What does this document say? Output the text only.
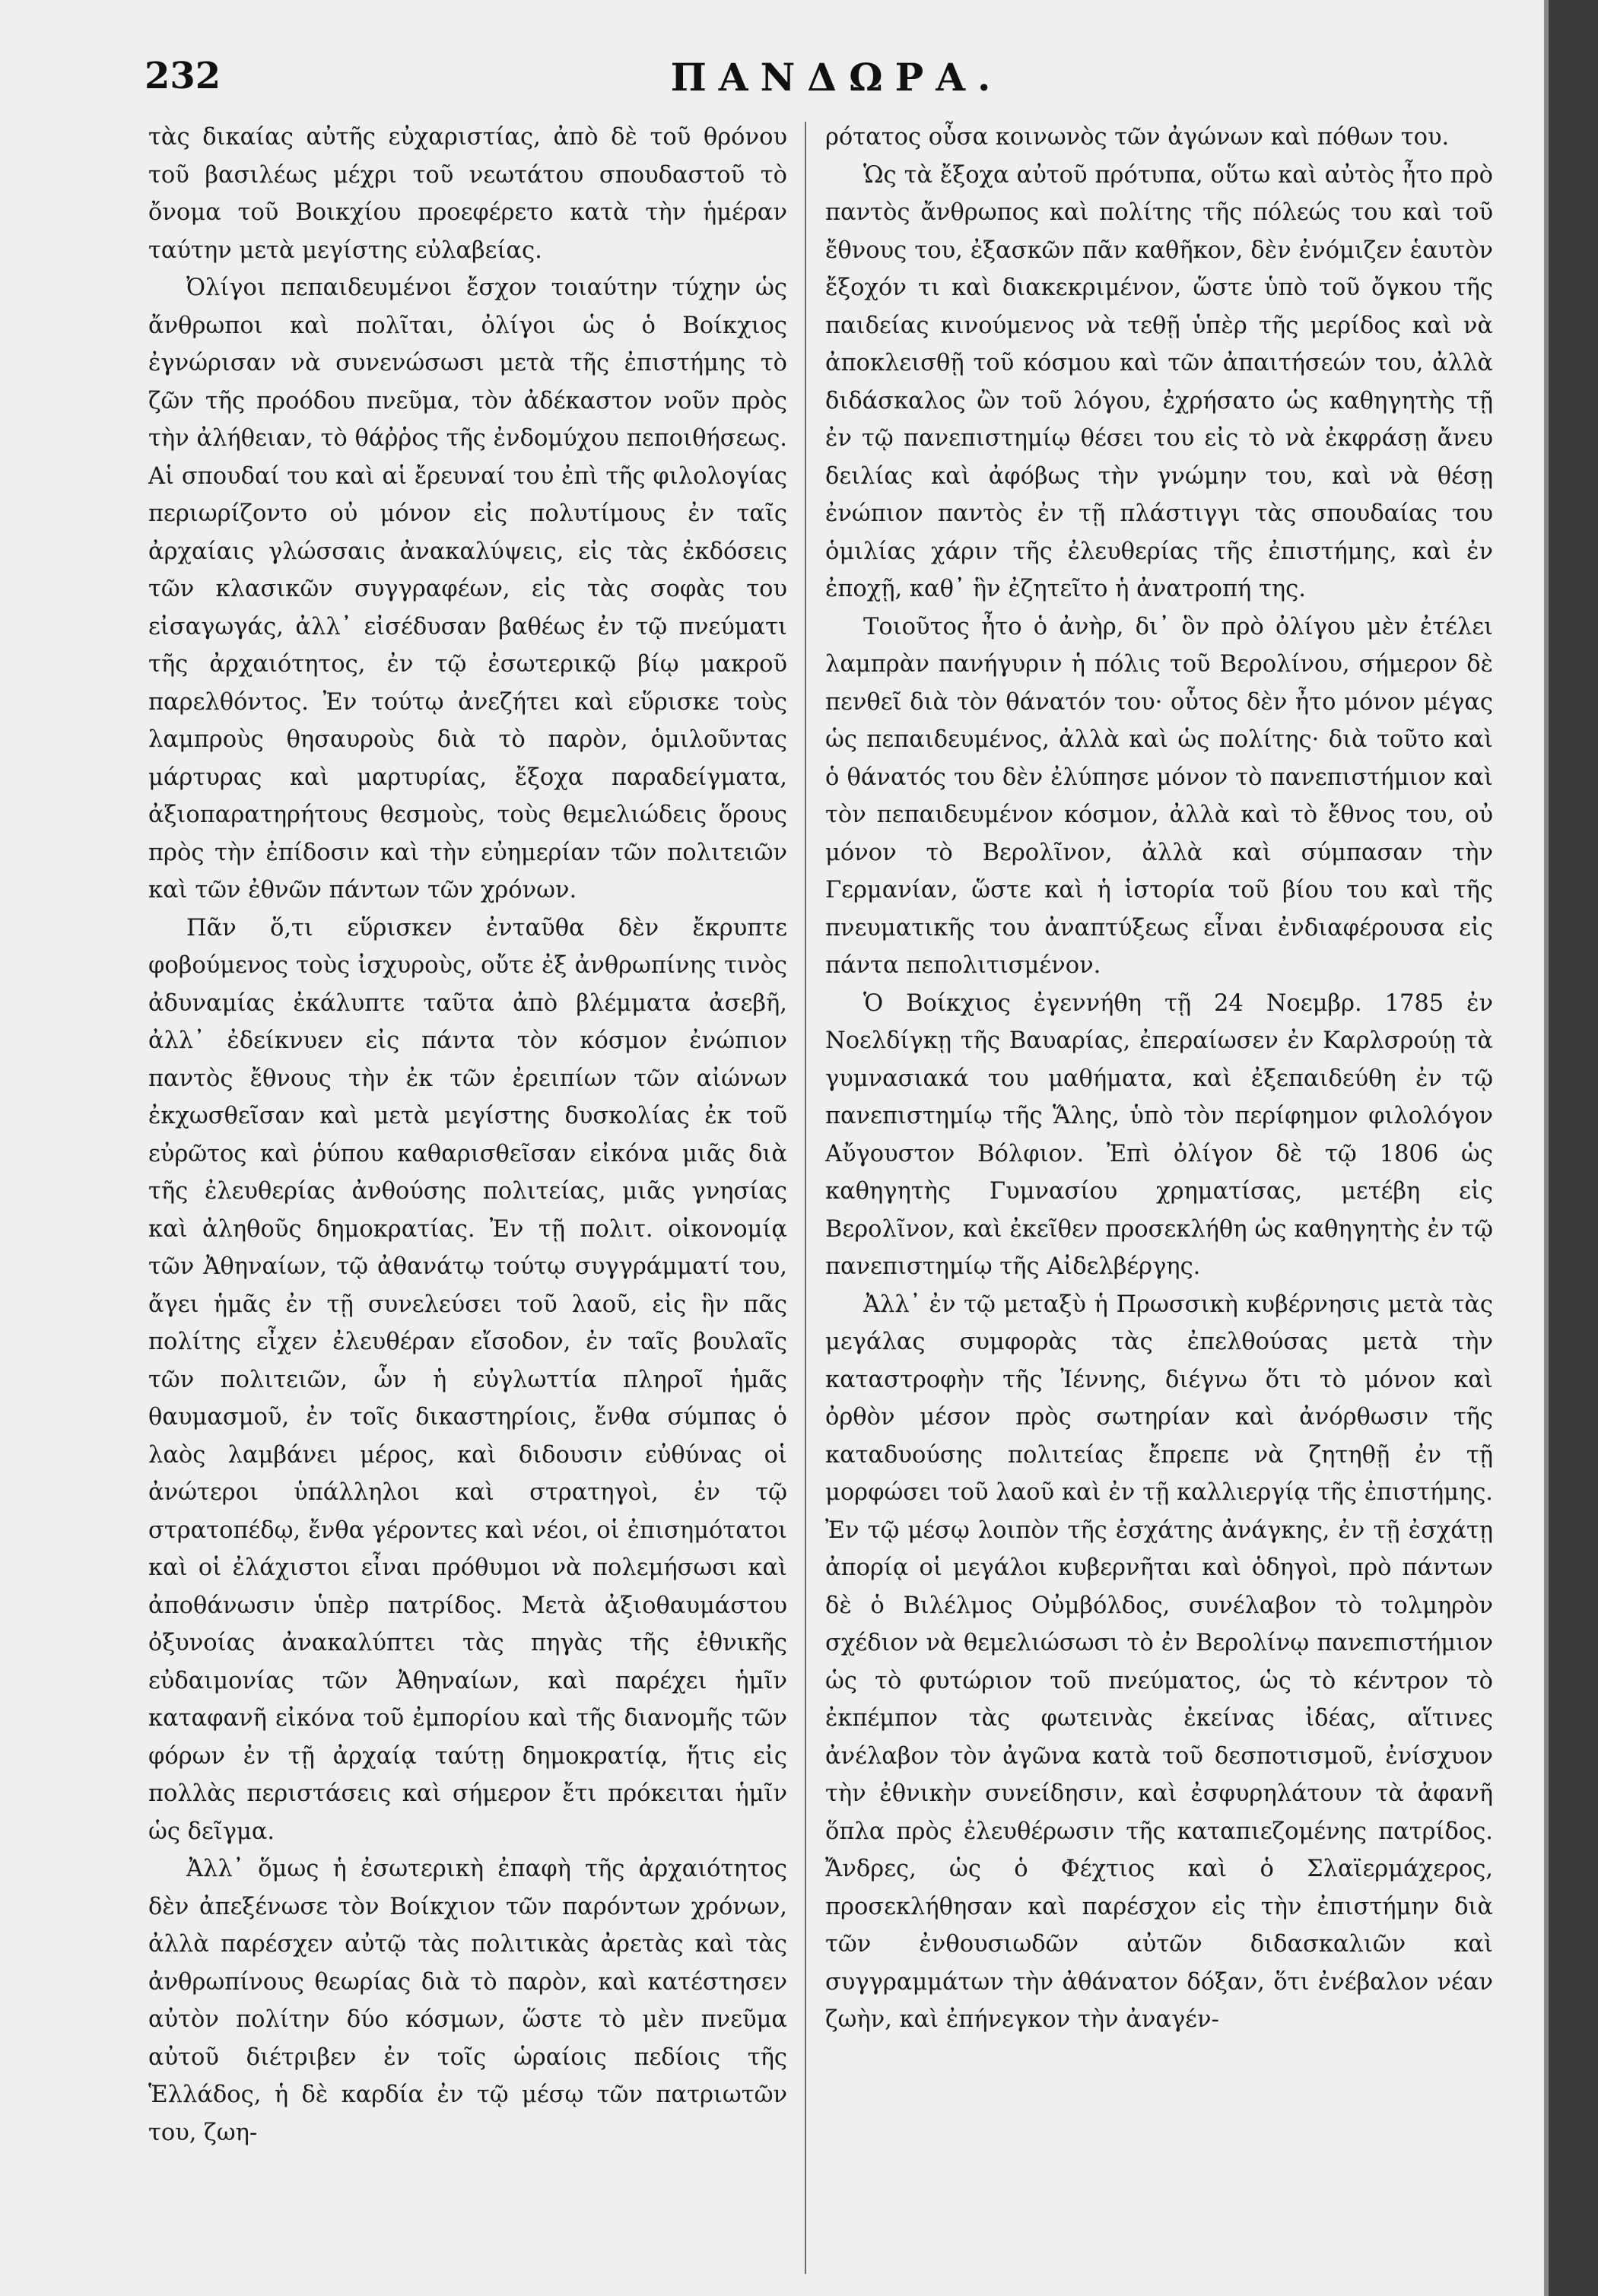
232	ΠΑΝΔΩΡΑ.

τὰς δικαίας αὐτῆς εὐχαριστίας, ἀπὸ δὲ τοῦ θρόνου τοῦ βασιλέως μέχρι τοῦ νεωτάτου σπουδαστοῦ τὸ ὄνομα τοῦ Βοικχίου προεφέρετο κατὰ τὴν ἡμέραν ταύτην μετὰ μεγίστης εὐλαβείας.

Ὀλίγοι πεπαιδευμένοι ἔσχον τοιαύτην τύχην ὡς ἄνθρωποι καὶ πολῖται, ὀλίγοι ὡς ὁ Βοίκχιος ἐγνώρισαν νὰ συνενώσωσι μετὰ τῆς ἐπιστήμης τὸ ζῶν τῆς προόδου πνεῦμα, τὸν ἀδέκαστον νοῦν πρὸς τὴν ἀλήθειαν, τὸ θάῤῥος τῆς ἐνδομύχου πεποιθήσεως. Αἱ σπουδαί του καὶ αἱ ἔρευναί του ἐπὶ τῆς φιλολογίας περιωρίζοντο οὐ μόνον εἰς πολυτίμους ἐν ταῖς ἀρχαίαις γλώσσαις ἀνακαλύψεις, εἰς τὰς ἐκδόσεις τῶν κλασικῶν συγγραφέων, εἰς τὰς σοφὰς του εἰσαγωγάς, ἀλλ᾿ εἰσέδυσαν βαθέως ἐν τῷ πνεύματι τῆς ἀρχαιότητος, ἐν τῷ ἐσωτερικῷ βίῳ μακροῦ παρελθόντος. Ἐν τούτῳ ἀνεζήτει καὶ εὕρισκε τοὺς λαμπροὺς θησαυροὺς διὰ τὸ παρὸν, ὁμιλοῦντας μάρτυρας καὶ μαρτυρίας, ἔξοχα παραδείγματα, ἀξιοπαρατηρήτους θεσμοὺς, τοὺς θεμελιώδεις ὅρους πρὸς τὴν ἐπίδοσιν καὶ τὴν εὐημερίαν τῶν πολιτειῶν καὶ τῶν ἐθνῶν πάντων τῶν χρόνων.

Πᾶν ὅ,τι εὕρισκεν ἐνταῦθα δὲν ἔκρυπτε φοβούμενος τοὺς ἰσχυροὺς, οὔτε ἐξ ἀνθρωπίνης τινὸς ἀδυναμίας ἐκάλυπτε ταῦτα ἀπὸ βλέμματα ἀσεβῆ, ἀλλ᾿ ἐδείκνυεν εἰς πάντα τὸν κόσμον ἐνώπιον παντὸς ἔθνους τὴν ἐκ τῶν ἐρειπίων τῶν αἰώνων ἐκχωσθεῖσαν καὶ μετὰ μεγίστης δυσκολίας ἐκ τοῦ εὐρῶτος καὶ ῥύπου καθαρισθεῖσαν εἰκόνα μιᾶς διὰ τῆς ἐλευθερίας ἀνθούσης πολιτείας, μιᾶς γνησίας καὶ ἀληθοῦς δημοκρατίας. Ἐν τῇ πολιτ. οἰκονομίᾳ τῶν Ἀθηναίων, τῷ ἀθανάτῳ τούτῳ συγγράμματί του, ἄγει ἡμᾶς ἐν τῇ συνελεύσει τοῦ λαοῦ, εἰς ἣν πᾶς πολίτης εἶχεν ἐλευθέραν εἴσοδον, ἐν ταῖς βουλαῖς τῶν πολιτειῶν, ὧν ἡ εὐγλωττία πληροῖ ἡμᾶς θαυμασμοῦ, ἐν τοῖς δικαστηρίοις, ἔνθα σύμπας ὁ λαὸς λαμβάνει μέρος, καὶ διδουσιν εὐθύνας οἱ ἀνώτεροι ὑπάλληλοι καὶ στρατηγοὶ, ἐν τῷ στρατοπέδῳ, ἔνθα γέροντες καὶ νέοι, οἱ ἐπισημότατοι καὶ οἱ ἐλάχιστοι εἶναι πρόθυμοι νὰ πολεμήσωσι καὶ ἀποθάνωσιν ὑπὲρ πατρίδος. Μετὰ ἀξιοθαυμάστου ὀξυνοίας ἀνακαλύπτει τὰς πηγὰς τῆς ἐθνικῆς εὐδαιμονίας τῶν Ἀθηναίων, καὶ παρέχει ἡμῖν καταφανῆ εἰκόνα τοῦ ἐμπορίου καὶ τῆς διανομῆς τῶν φόρων ἐν τῇ ἀρχαίᾳ ταύτῃ δημοκρατίᾳ, ἥτις εἰς πολλὰς περιστάσεις καὶ σήμερον ἔτι πρόκειται ἡμῖν ὡς δεῖγμα.

Ἀλλ᾿ ὅμως ἡ ἐσωτερικὴ ἐπαφὴ τῆς ἀρχαιότητος δὲν ἀπεξένωσε τὸν Βοίκχιον τῶν παρόντων χρόνων, ἀλλὰ παρέσχεν αὐτῷ τὰς πολιτικὰς ἀρετὰς καὶ τὰς ἀνθρωπίνους θεωρίας διὰ τὸ παρὸν, καὶ κατέστησεν αὐτὸν πολίτην δύο κόσμων, ὥστε τὸ μὲν πνεῦμα αὐτοῦ διέτριβεν ἐν τοῖς ὡραίοις πεδίοις τῆς Ἑλλάδος, ἡ δὲ καρδία ἐν τῷ μέσῳ τῶν πατριωτῶν του, ζωη-

ρότατος οὖσα κοινωνὸς τῶν ἀγώνων καὶ πόθων του.

Ὡς τὰ ἔξοχα αὐτοῦ πρότυπα, οὕτω καὶ αὐτὸς ἦτο πρὸ παντὸς ἄνθρωπος καὶ πολίτης τῆς πόλεώς του καὶ τοῦ ἔθνους του, ἐξασκῶν πᾶν καθῆκον, δὲν ἐνόμιζεν ἑαυτὸν ἔξοχόν τι καὶ διακεκριμένον, ὥστε ὑπὸ τοῦ ὄγκου τῆς παιδείας κινούμενος νὰ τεθῇ ὑπὲρ τῆς μερίδος καὶ νὰ ἀποκλεισθῇ τοῦ κόσμου καὶ τῶν ἀπαιτήσεών του, ἀλλὰ διδάσκαλος ὢν τοῦ λόγου, ἐχρήσατο ὡς καθηγητὴς τῇ ἐν τῷ πανεπιστημίῳ θέσει του εἰς τὸ νὰ ἐκφράσῃ ἄνευ δειλίας καὶ ἀφόβως τὴν γνώμην του, καὶ νὰ θέσῃ ἐνώπιον παντὸς ἐν τῇ πλάστιγγι τὰς σπουδαίας του ὁμιλίας χάριν τῆς ἐλευθερίας τῆς ἐπιστήμης, καὶ ἐν ἐποχῇ, καθ᾿ ἣν ἐζητεῖτο ἡ ἀνατροπή της.

Τοιοῦτος ἦτο ὁ ἀνὴρ, δι᾿ ὃν πρὸ ὀλίγου μὲν ἐτέλει λαμπρὰν πανήγυριν ἡ πόλις τοῦ Βερολίνου, σήμερον δὲ πενθεῖ διὰ τὸν θάνατόν του· οὗτος δὲν ἦτο μόνον μέγας ὡς πεπαιδευμένος, ἀλλὰ καὶ ὡς πολίτης· διὰ τοῦτο καὶ ὁ θάνατός του δὲν ἐλύπησε μόνον τὸ πανεπιστήμιον καὶ τὸν πεπαιδευμένον κόσμον, ἀλλὰ καὶ τὸ ἔθνος του, οὐ μόνον τὸ Βερολῖνον, ἀλλὰ καὶ σύμπασαν τὴν Γερμανίαν, ὥστε καὶ ἡ ἱστορία τοῦ βίου του καὶ τῆς πνευματικῆς του ἀναπτύξεως εἶναι ἐνδιαφέρουσα εἰς πάντα πεπολιτισμένον.

Ὁ Βοίκχιος ἐγεννήθη τῇ 24 Νοεμβρ. 1785 ἐν Νοελδίγκῃ τῆς Βαυαρίας, ἐπεραίωσεν ἐν Καρλσρούῃ τὰ γυμνασιακά του μαθήματα, καὶ ἐξεπαιδεύθη ἐν τῷ πανεπιστημίῳ τῆς Ἅλης, ὑπὸ τὸν περίφημον φιλολόγον Αὔγουστον Βόλφιον. Ἐπὶ ὀλίγον δὲ τῷ 1806 ὡς καθηγητὴς Γυμνασίου χρηματίσας, μετέβη εἰς Βερολῖνον, καὶ ἐκεῖθεν προσεκλήθη ὡς καθηγητὴς ἐν τῷ πανεπιστημίῳ τῆς Αἰδελβέργης.

Ἀλλ᾿ ἐν τῷ μεταξὺ ἡ Πρωσσικὴ κυβέρνησις μετὰ τὰς μεγάλας συμφορὰς τὰς ἐπελθούσας μετὰ τὴν καταστροφὴν τῆς Ἰέννης, διέγνω ὅτι τὸ μόνον καὶ ὀρθὸν μέσον πρὸς σωτηρίαν καὶ ἀνόρθωσιν τῆς καταδυούσης πολιτείας ἔπρεπε νὰ ζητηθῇ ἐν τῇ μορφώσει τοῦ λαοῦ καὶ ἐν τῇ καλλιεργίᾳ τῆς ἐπιστήμης. Ἐν τῷ μέσῳ λοιπὸν τῆς ἐσχάτης ἀνάγκης, ἐν τῇ ἐσχάτῃ ἀπορίᾳ οἱ μεγάλοι κυβερνῆται καὶ ὁδηγοὶ, πρὸ πάντων δὲ ὁ Βιλέλμος Οὐμβόλδος, συνέλαβον τὸ τολμηρὸν σχέδιον νὰ θεμελιώσωσι τὸ ἐν Βερολίνῳ πανεπιστήμιον ὡς τὸ φυτώριον τοῦ πνεύματος, ὡς τὸ κέντρον τὸ ἐκπέμπον τὰς φωτεινὰς ἐκείνας ἰδέας, αἵτινες ἀνέλαβον τὸν ἀγῶνα κατὰ τοῦ δεσποτισμοῦ, ἐνίσχυον τὴν ἐθνικὴν συνείδησιν, καὶ ἐσφυρηλάτουν τὰ ἀφανῆ ὅπλα πρὸς ἐλευθέρωσιν τῆς καταπιεζομένης πατρίδος. Ἄνδρες, ὡς ὁ Φέχτιος καὶ ὁ Σλαϊερμάχερος, προσεκλήθησαν καὶ παρέσχον εἰς τὴν ἐπιστήμην διὰ τῶν ἐνθουσιωδῶν αὐτῶν διδασκαλιῶν καὶ συγγραμμάτων τὴν ἀθάνατον δόξαν, ὅτι ἐνέβαλον νέαν ζωὴν, καὶ ἐπήνεγκον τὴν ἀναγέν-
